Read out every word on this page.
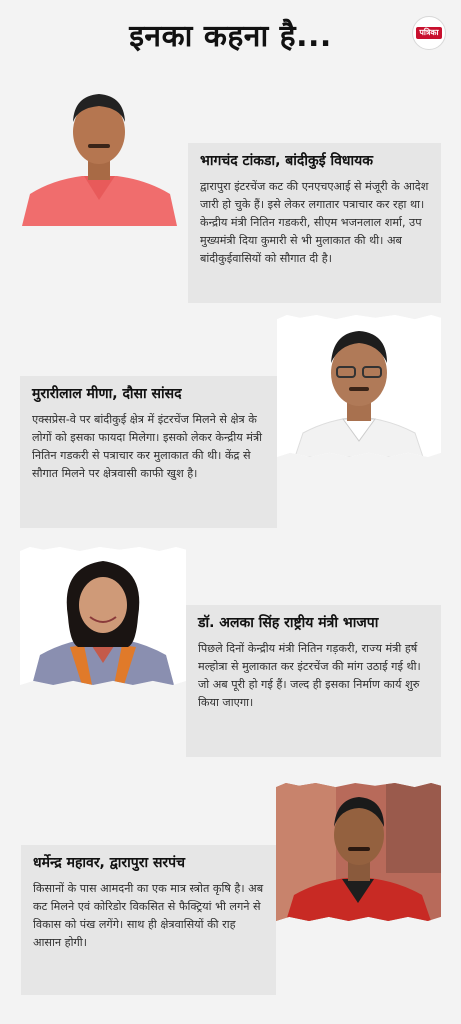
इनका कहना है...	पत्रिका
भागचंद टांकडा, बांदीकुई विधायक

द्वारापुरा इंटरचेंज कट की एनएचएआई से मंजूरी के आदेश जारी हो चुके हैं। इसे लेकर लगातार पत्राचार कर रहा था। केन्द्रीय मंत्री नितिन गडकरी, सीएम भजनलाल शर्मा, उप मुख्यमंत्री दिया कुमारी से भी मुलाकात की थी। अब बांदीकुईवासियों को सौगात दी है।

मुरारीलाल मीणा, दौसा सांसद

एक्सप्रेस-वे पर बांदीकुई क्षेत्र में इंटरचेंज मिलने से क्षेत्र के लोगों को इसका फायदा मिलेगा। इसको लेकर केन्द्रीय मंत्री नितिन गडकरी से पत्राचार कर मुलाकात की थी। केंद्र से सौगात मिलने पर क्षेत्रवासी काफी खुश है।

डॉ. अलका सिंह राष्ट्रीय मंत्री भाजपा

पिछले दिनों केन्द्रीय मंत्री नितिन गड़करी, राज्य मंत्री हर्ष मल्होत्रा से मुलाकात कर इंटरचेंज की मांग उठाई गई थी। जो अब पूरी हो गई हैं। जल्द ही इसका निर्माण कार्य शुरु किया जाएगा।

धर्मेन्द्र महावर, द्वारापुरा सरपंच

किसानों के पास आमदनी का एक मात्र स्त्रोत कृषि है। अब कट मिलने एवं कोरिडोर विकसित से फैक्ट्रियां भी लगने से विकास को पंख लगेंगे। साथ ही क्षेत्रवासियों की राह आसान होगी।
